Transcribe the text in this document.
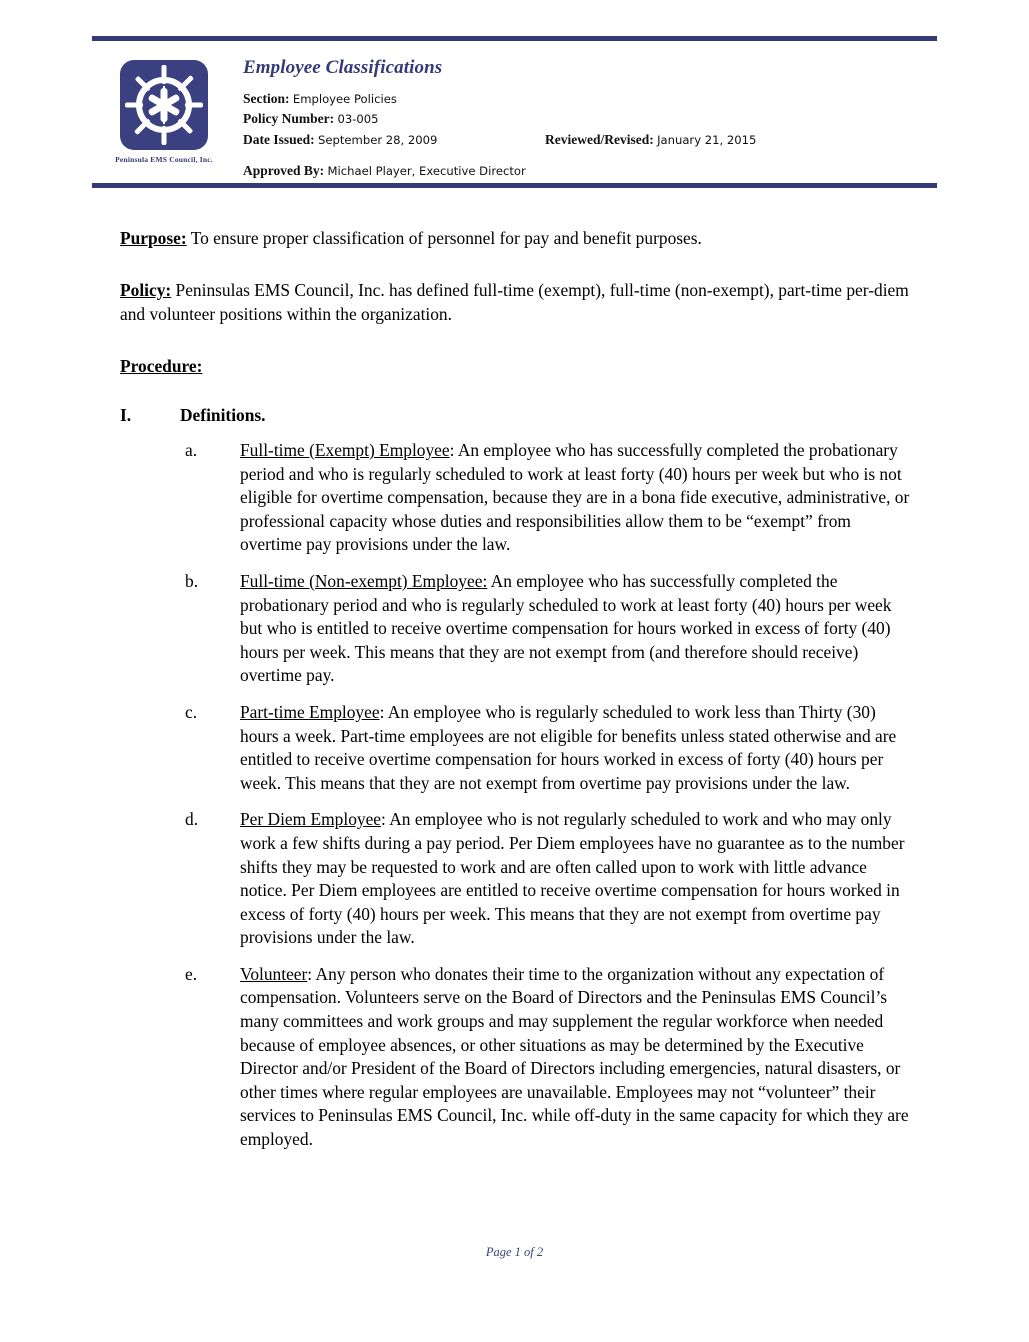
Peninsula EMS Council, Inc.
Employee Classifications
Section: Employee Policies
Policy Number: 03-005
Date Issued: September 28, 2009	Reviewed/Revised: January 21, 2015
Approved By: Michael Player, Executive Director

Purpose: To ensure proper classification of personnel for pay and benefit purposes.

Policy: Peninsulas EMS Council, Inc. has defined full-time (exempt), full-time (non-exempt), part-time per-diem and volunteer positions within the organization.

Procedure:

I.	Definitions.
a. Full-time (Exempt) Employee: An employee who has successfully completed the probationary period and who is regularly scheduled to work at least forty (40) hours per week but who is not eligible for overtime compensation, because they are in a bona fide executive, administrative, or professional capacity whose duties and responsibilities allow them to be “exempt” from overtime pay provisions under the law.
b. Full-time (Non-exempt) Employee: An employee who has successfully completed the probationary period and who is regularly scheduled to work at least forty (40) hours per week but who is entitled to receive overtime compensation for hours worked in excess of forty (40) hours per week. This means that they are not exempt from (and therefore should receive) overtime pay.
c. Part-time Employee: An employee who is regularly scheduled to work less than Thirty (30) hours a week. Part-time employees are not eligible for benefits unless stated otherwise and are entitled to receive overtime compensation for hours worked in excess of forty (40) hours per week. This means that they are not exempt from overtime pay provisions under the law.
d. Per Diem Employee: An employee who is not regularly scheduled to work and who may only work a few shifts during a pay period. Per Diem employees have no guarantee as to the number shifts they may be requested to work and are often called upon to work with little advance notice. Per Diem employees are entitled to receive overtime compensation for hours worked in excess of forty (40) hours per week. This means that they are not exempt from overtime pay provisions under the law.
e. Volunteer: Any person who donates their time to the organization without any expectation of compensation. Volunteers serve on the Board of Directors and the Peninsulas EMS Council’s many committees and work groups and may supplement the regular workforce when needed because of employee absences, or other situations as may be determined by the Executive Director and/or President of the Board of Directors including emergencies, natural disasters, or other times where regular employees are unavailable. Employees may not “volunteer” their services to Peninsulas EMS Council, Inc. while off-duty in the same capacity for which they are employed.
Page 1 of 2
